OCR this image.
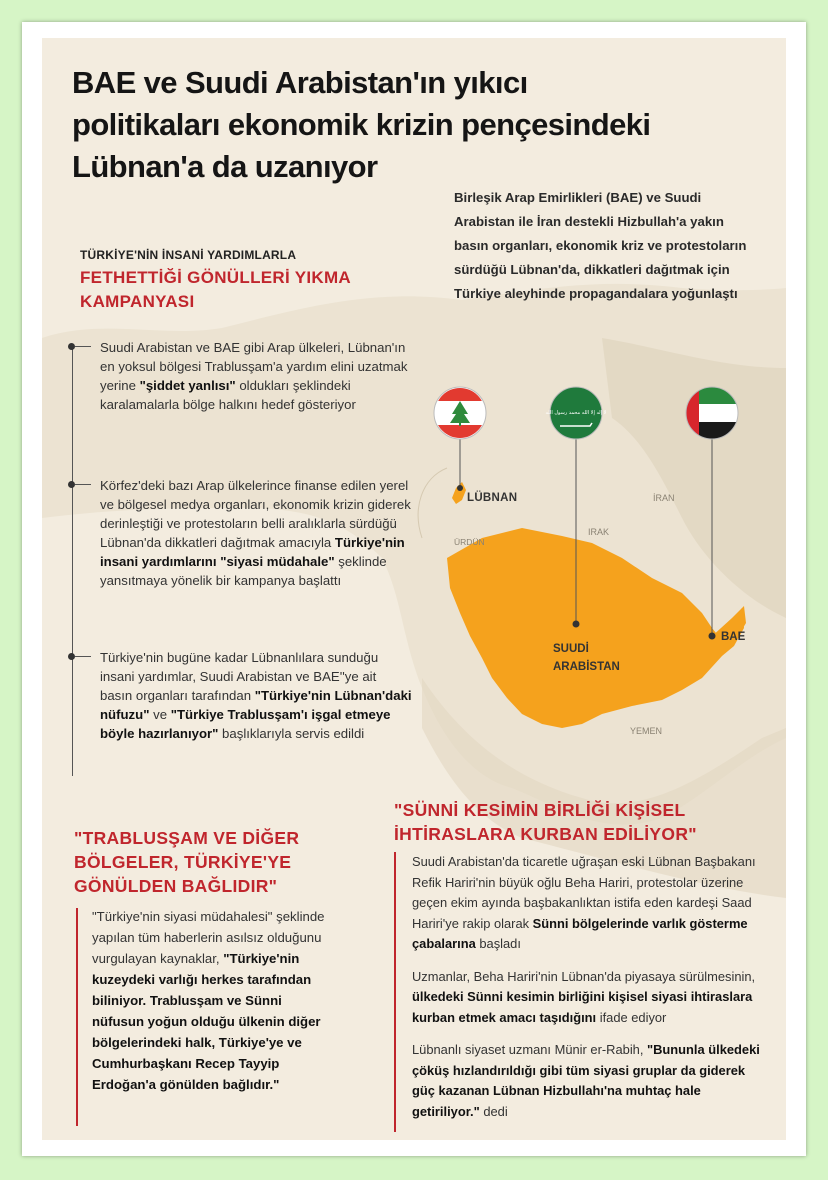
لا إله إلا الله محمد رسول الله
LÜBNAN
ÜRDÜN
IRAK
İRAN
SUUDİ
ARABİSTAN
BAE
YEMEN
BAE ve Suudi Arabistan'ın yıkıcı
politikaları ekonomik krizin pençesindeki
Lübnan'a da uzanıyor

Birleşik Arap Emirlikleri (BAE) ve Suudi Arabistan ile İran destekli Hizbullah'a yakın basın organları, ekonomik kriz ve protestoların sürdüğü Lübnan'da, dikkatleri dağıtmak için Türkiye aleyhinde propagandalara yoğunlaştı

TÜRKİYE'NİN İNSANİ YARDIMLARLA
FETHETTİĞİ GÖNÜLLERİ YIKMA
KAMPANYASI

Suudi Arabistan ve BAE gibi Arap ülkeleri, Lübnan'ın en yoksul bölgesi Trablusşam'a yardım elini uzatmak yerine "şiddet yanlısı" oldukları şeklindeki karalamalarla bölge halkını hedef gösteriyor

Körfez'deki bazı Arap ülkelerince finanse edilen yerel ve bölgesel medya organları, ekonomik krizin giderek derinleştiği ve protestoların belli aralıklarla sürdüğü Lübnan'da dikkatleri dağıtmak amacıyla Türkiye'nin insani yardımlarını "siyasi müdahale" şeklinde yansıtmaya yönelik bir kampanya başlattı

Türkiye'nin bugüne kadar Lübnanlılara sunduğu insani yardımlar, Suudi Arabistan ve BAE''ye ait basın organları tarafından "Türkiye'nin Lübnan'daki nüfuzu" ve "Türkiye Trablusşam'ı işgal etmeye böyle hazırlanıyor" başlıklarıyla servis edildi

"TRABLUSŞAM VE DİĞER
BÖLGELER, TÜRKİYE'YE
GÖNÜLDEN BAĞLIDIR"

"Türkiye'nin siyasi müdahalesi" şeklinde yapılan tüm haberlerin asılsız olduğunu vurgulayan kaynaklar, "Türkiye'nin kuzeydeki varlığı herkes tarafından biliniyor. Trablusşam ve Sünni nüfusun yoğun olduğu ülkenin diğer bölgelerindeki halk, Türkiye'ye ve Cumhurbaşkanı Recep Tayyip Erdoğan'a gönülden bağlıdır."

"SÜNNİ KESİMİN BİRLİĞİ KİŞİSEL
İHTİRASLARA KURBAN EDİLİYOR"

Suudi Arabistan'da ticaretle uğraşan eski Lübnan Başbakanı Refik Hariri'nin büyük oğlu Beha Hariri, protestolar üzerine geçen ekim ayında başbakanlıktan istifa eden kardeşi Saad Hariri'ye rakip olarak Sünni bölgelerinde varlık gösterme çabalarına başladı

Uzmanlar, Beha Hariri'nin Lübnan'da piyasaya sürülmesinin, ülkedeki Sünni kesimin birliğini kişisel siyasi ihtiraslara kurban etmek amacı taşıdığını ifade ediyor

Lübnanlı siyaset uzmanı Münir er-Rabih, "Bununla ülkedeki çöküş hızlandırıldığı gibi tüm siyasi gruplar da giderek güç kazanan Lübnan Hizbullahı'na muhtaç hale getiriliyor." dedi
